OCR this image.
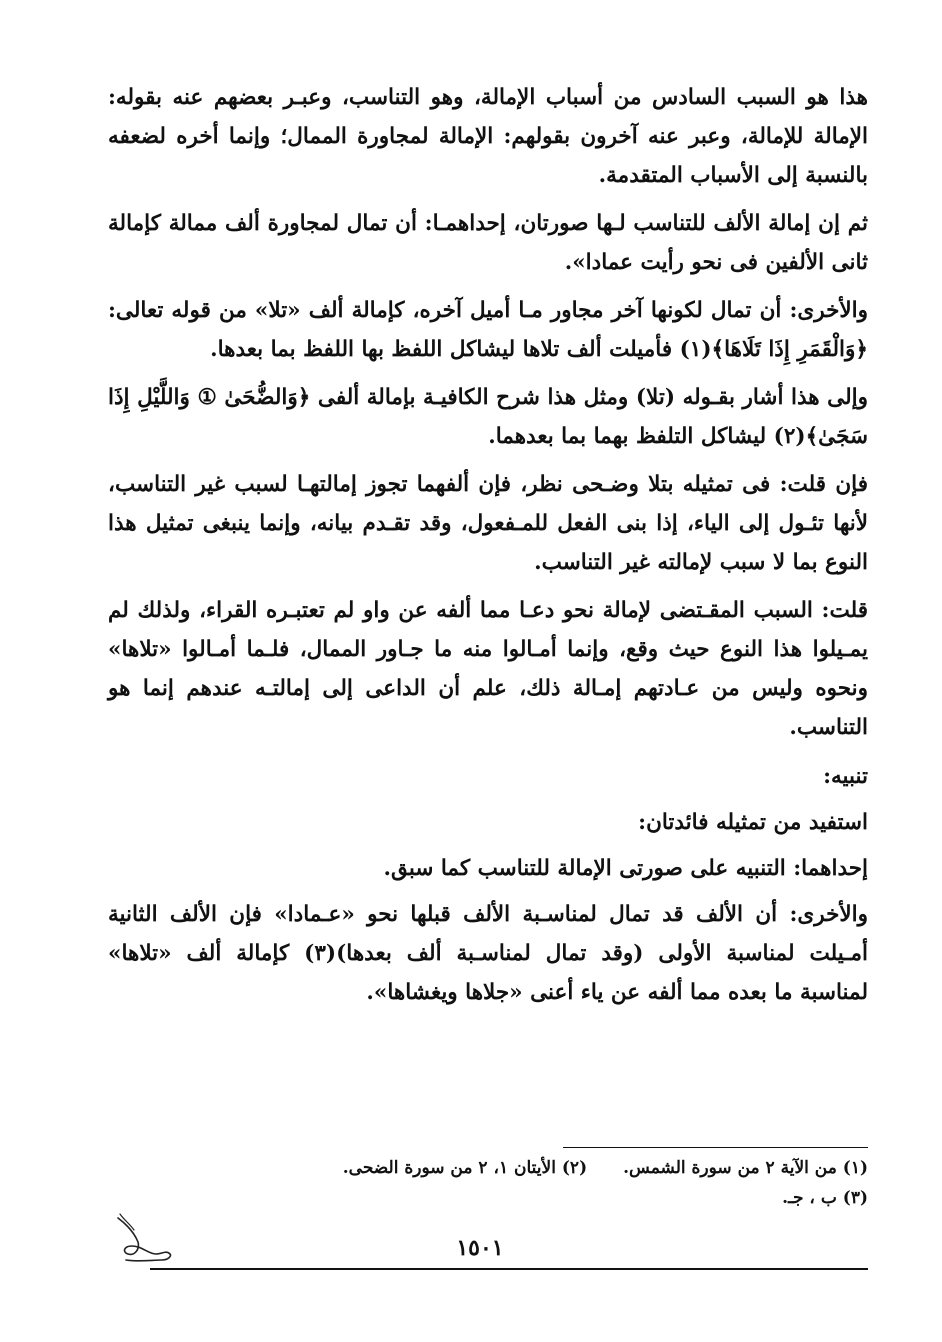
هذا هو السبب السادس من أسباب الإمالة، وهو التناسب، وعبـر بعضهم عنه بقوله: الإمالة للإمالة، وعبر عنه آخرون بقولهم: الإمالة لمجاورة الممال؛ وإنما أخره لضعفه بالنسبة إلى الأسباب المتقدمة.

ثم إن إمالة الألف للتناسب لـها صورتان، إحداهمـا: أن تمال لمجاورة ألف ممالة كإمالة ثانى الألفين فى نحو رأيت عمادا».

والأخرى: أن تمال لكونها آخر مجاور مـا أميل آخره، كإمالة ألف «تلا» من قوله تعالى: ﴿وَالْقَمَرِ إِذَا تَلَاهَا﴾(١) فأميلت ألف تلاها ليشاكل اللفظ بها اللفظ بما بعدها.

وإلى هذا أشار بقـوله (تلا) ومثل هذا شرح الكافيـة بإمالة ألفى ﴿وَالضُّحَىٰ ① وَاللَّيْلِ إِذَا سَجَىٰ﴾(٢) ليشاكل التلفظ بهما بما بعدهما.

فإن قلت: فى تمثيله بتلا وضـحى نظر، فإن ألفهما تجوز إمالتهـا لسبب غير التناسب، لأنها تئـول إلى الياء، إذا بنى الفعل للمـفعول، وقد تقـدم بيانه، وإنما ينبغى تمثيل هذا النوع بما لا سبب لإمالته غير التناسب.

قلت: السبب المقـتضى لإمالة نحو دعـا مما ألفه عن واو لم تعتبـره القراء، ولذلك لم يمـيلوا هذا النوع حيث وقع، وإنما أمـالوا منه ما جـاور الممال، فلـما أمـالوا «تلاها» ونحوه وليس من عـادتهم إمـالة ذلك، علم أن الداعى إلى إمالتـه عندهم إنما هو التناسب.

تنبيه:

استفيد من تمثيله فائدتان:

إحداهما: التنبيه على صورتى الإمالة للتناسب كما سبق.

والأخرى: أن الألف قد تمال لمناسـبة الألف قبلها نحو «عـمادا» فإن الألف الثانية أمـيلت لمناسبة الأولى (وقد تمال لمناسـبة ألف بعدها)(٣) كإمالة ألف «تلاها» لمناسبة ما بعده مما ألفه عن ياء أعنى «جلاها ويغشاها».

(١) من الآية ٢ من سورة الشمس.
(٢) الأيتان ١، ٢ من سورة الضحى.
(٣) ب ، جـ.
١٥٠١
